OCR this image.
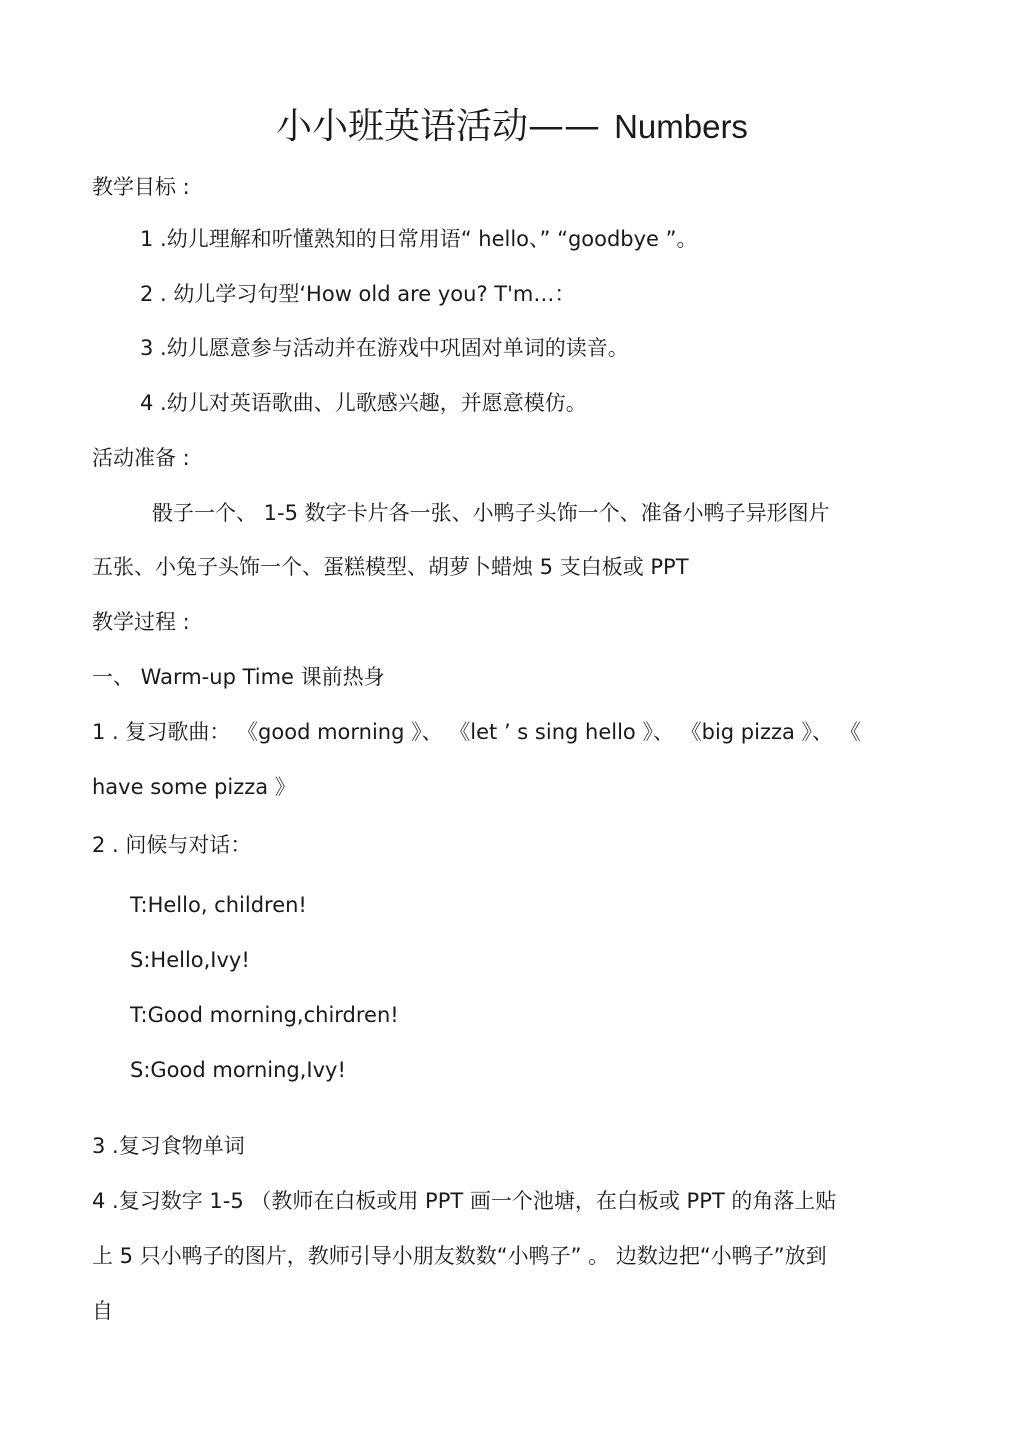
小小班英语活动—— Numbers
教学目标 :
1 .幼儿理解和听懂熟知的日常用语“ hello、” “goodbye ”。
2 . 幼儿学习句型‘How old are you? T'm…：
3 .幼儿愿意参与活动并在游戏中巩固对单词的读音。
4 .幼儿对英语歌曲、儿歌感兴趣，并愿意模仿。
活动准备 :
骰子一个、 1-5 数字卡片各一张、小鸭子头饰一个、准备小鸭子异形图片
五张、小兔子头饰一个、蛋糕模型、胡萝卜蜡烛 5 支白板或 PPT
教学过程 :
一、 Warm-up Time 课前热身
1 . 复习歌曲： 《good morning 》、 《let ’ s sing hello 》、 《big pizza 》、 《
have some pizza 》
2 . 问候与对话：
T:Hello, children!
S:Hello,Ivy!
T:Good morning,chirdren!
S:Good morning,Ivy!
3 .复习食物单词
4 .复习数字 1-5 （教师在白板或用 PPT 画一个池塘，在白板或 PPT 的角落上贴
上 5 只小鸭子的图片，教师引导小朋友数数“小鸭子” 。 边数边把“小鸭子”放到
自
